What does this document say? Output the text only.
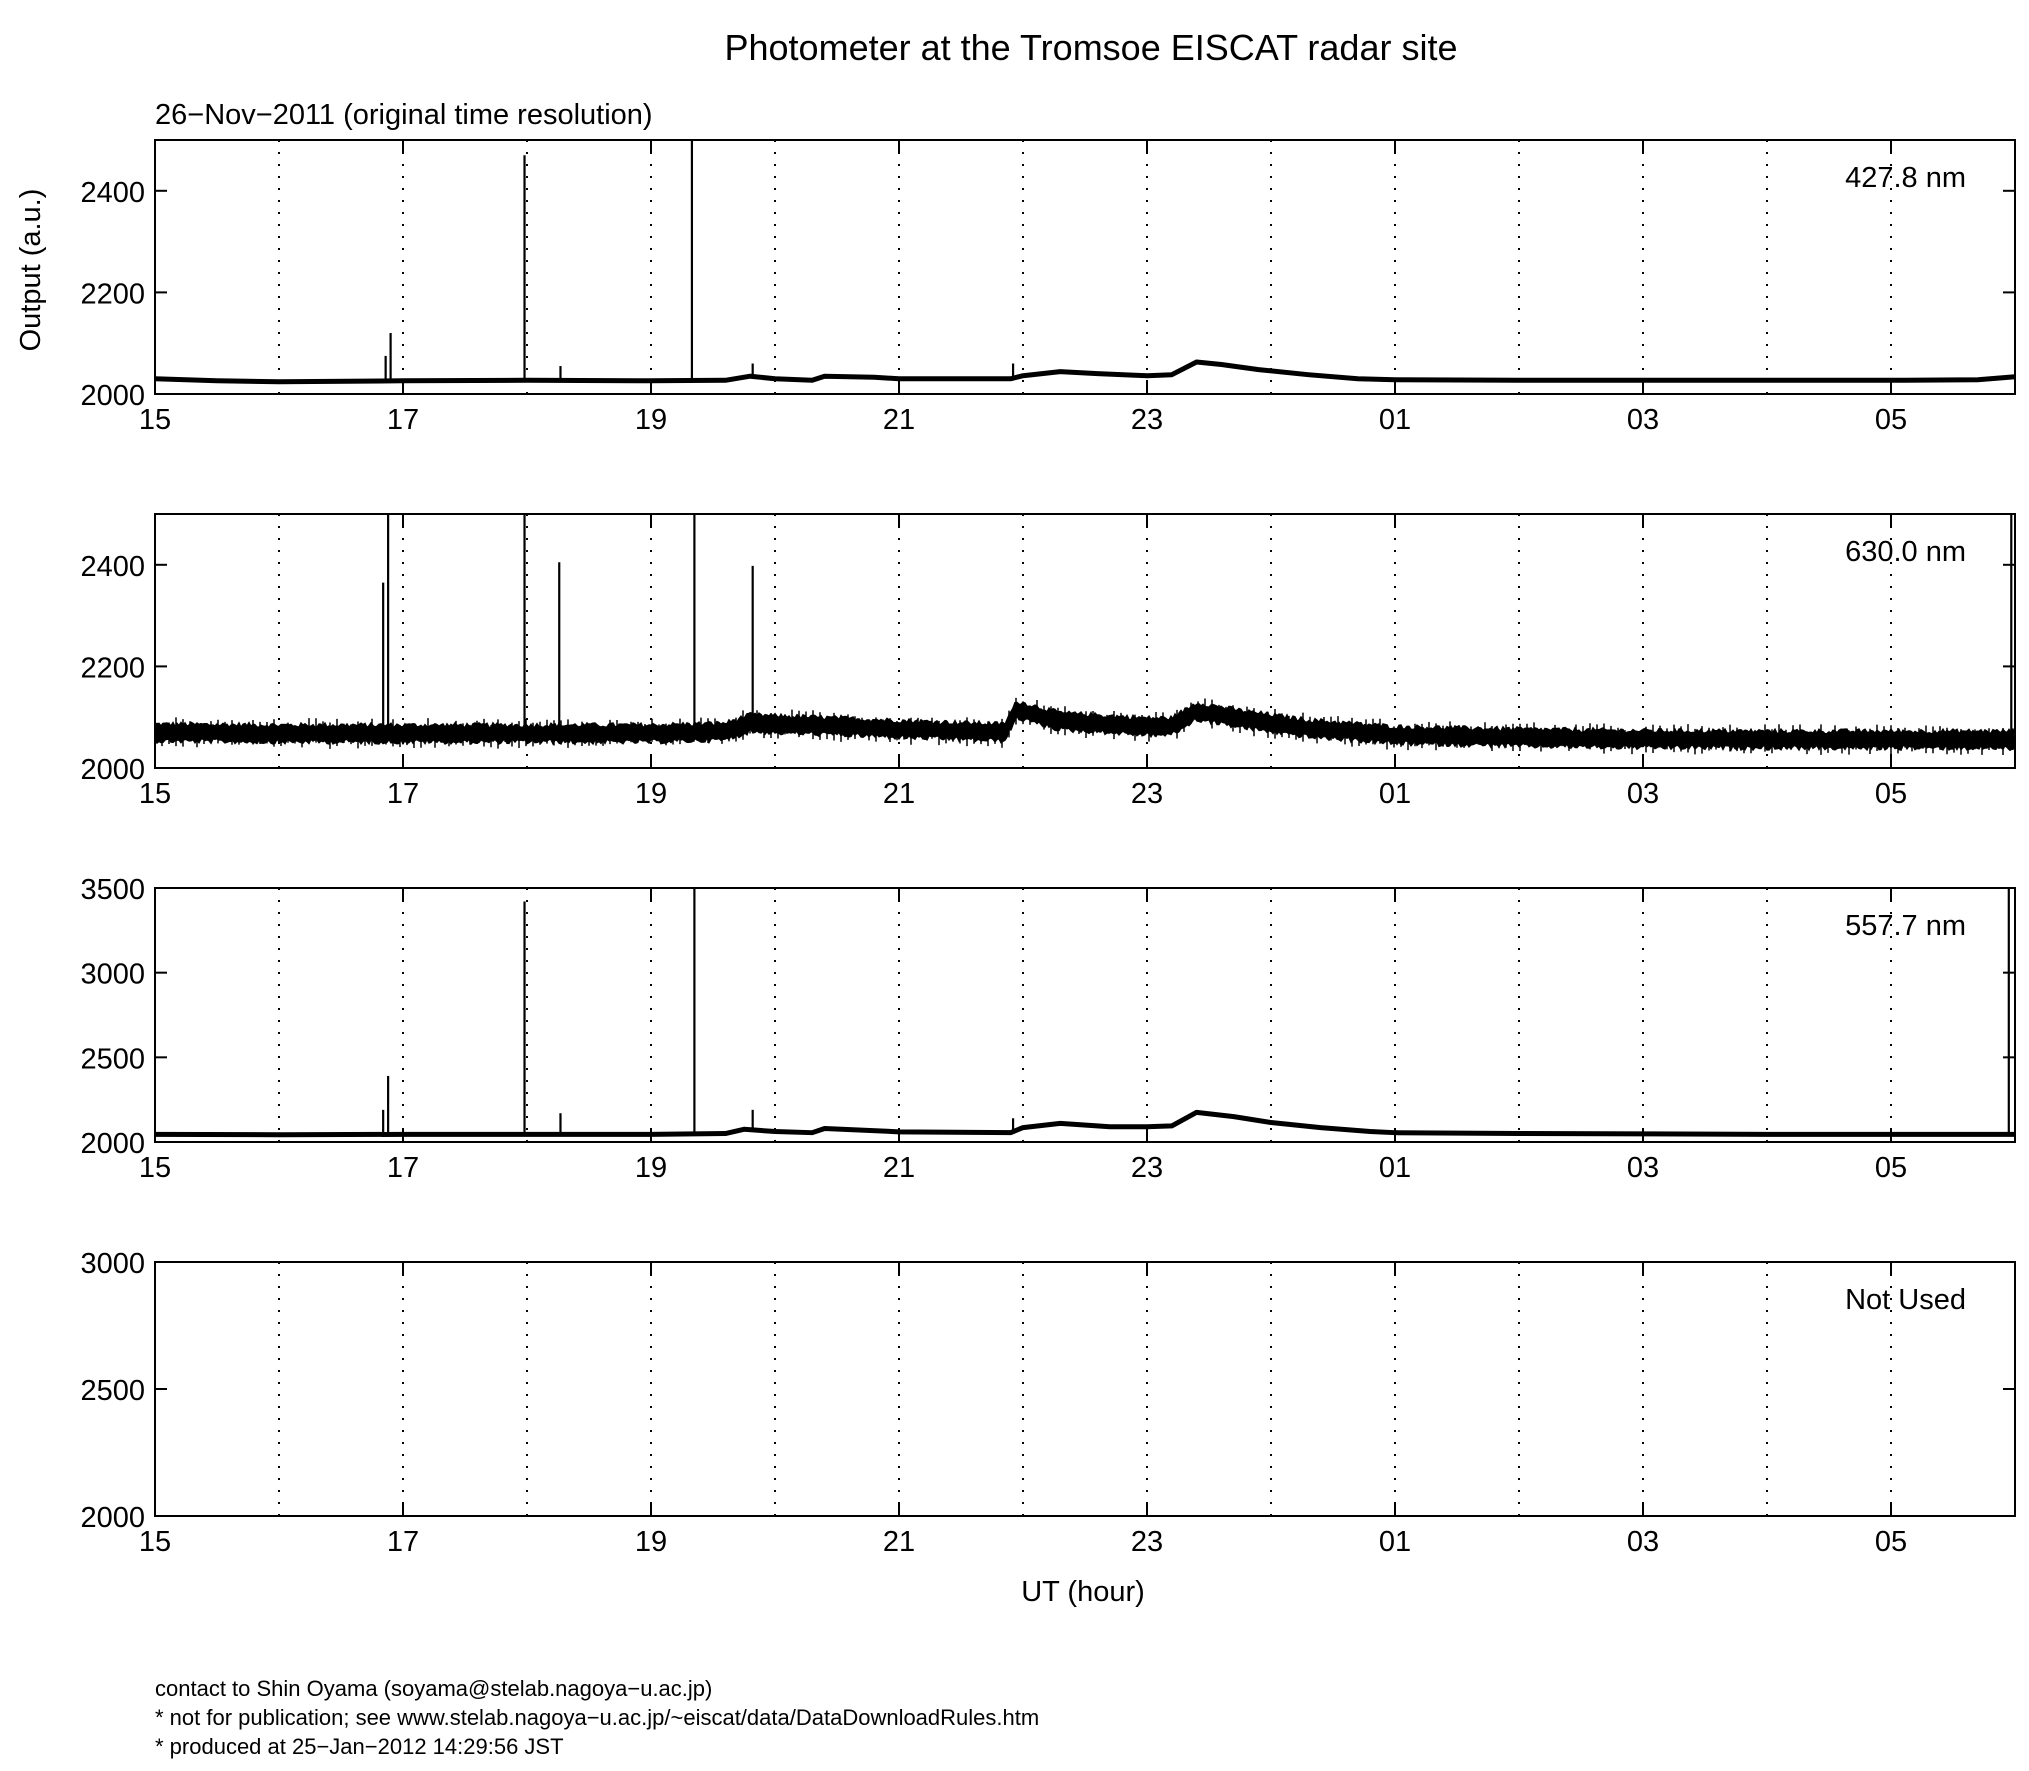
Photometer at the Tromsoe EISCAT radar site
26−Nov−2011 (original time resolution)
Output (a.u.)
UT (hour)
2000
2200
2400
15	17	19	21	23	01	03	05
427.8 nm
2000
2200
2400
15	17	19	21	23	01	03	05
630.0 nm
2000
2500
3000
3500
15	17	19	21	23	01	03	05
557.7 nm
2000
2500
3000
15	17	19	21	23	01	03	05
Not Used
contact to Shin Oyama (soyama@stelab.nagoya−u.ac.jp)
* not for publication; see www.stelab.nagoya−u.ac.jp/~eiscat/data/DataDownloadRules.htm
* produced at 25−Jan−2012 14:29:56 JST
